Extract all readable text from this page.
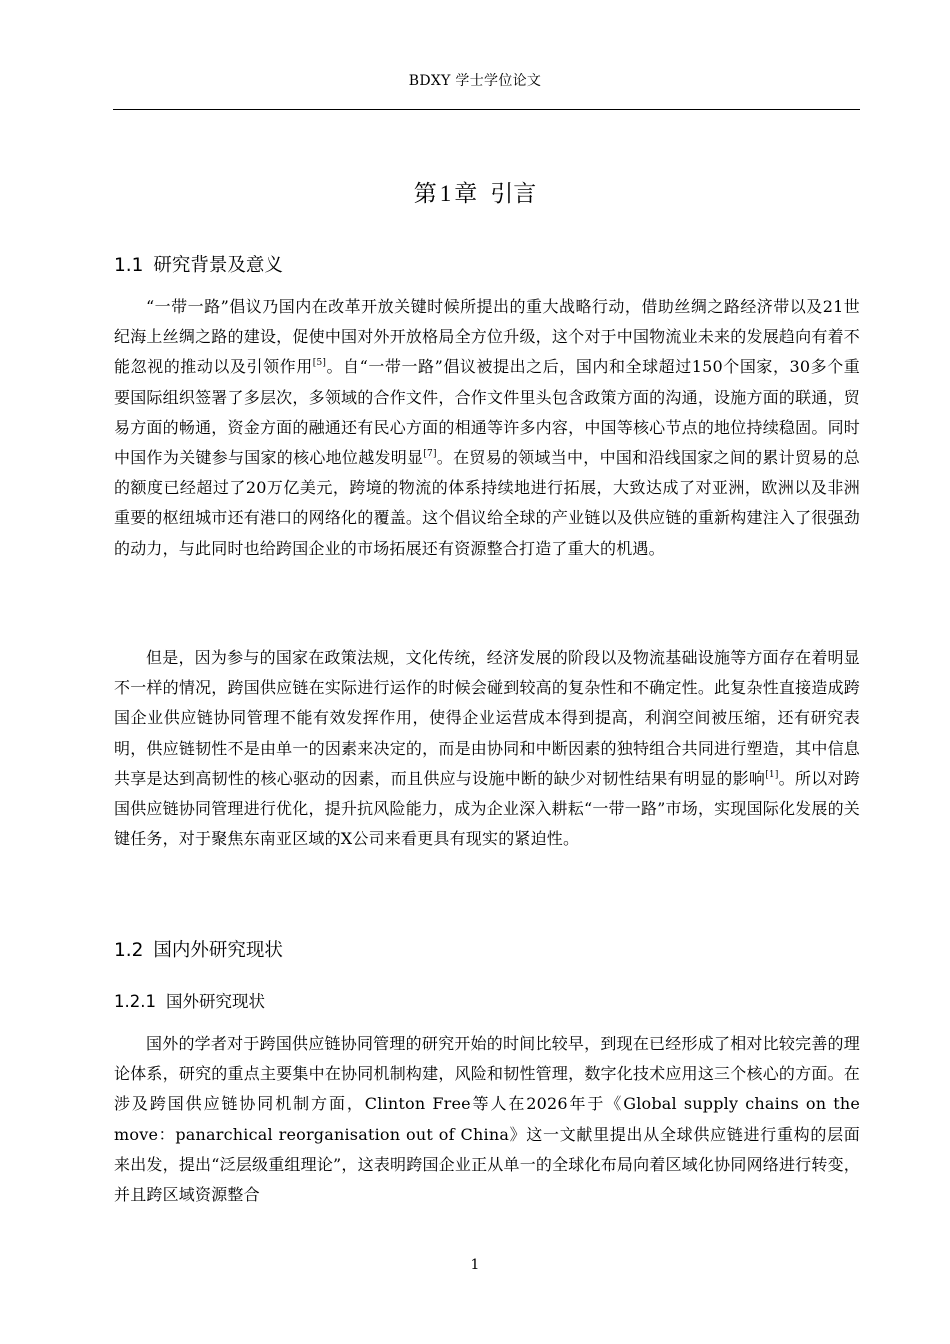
BDXY 学士学位论文
第 1 章 引言
1.1 研究背景及意义
“一带一路”倡议乃国内在改革开放关键时候所提出的重大战略行动，借助丝绸之路经济带以及21世纪海上丝绸之路的建设，促使中国对外开放格局全方位升级，这个对于中国物流业未来的发展趋向有着不能忽视的推动以及引领作用[5]。自“一带一路”倡议被提出之后，国内和全球超过150个国家，30多个重要国际组织签署了多层次，多领域的合作文件，合作文件里头包含政策方面的沟通，设施方面的联通，贸易方面的畅通，资金方面的融通还有民心方面的相通等许多内容，中国等核心节点的地位持续稳固。同时中国作为关键参与国家的核心地位越发明显[7]。在贸易的领域当中，中国和沿线国家之间的累计贸易的总的额度已经超过了20万亿美元，跨境的物流的体系持续地进行拓展，大致达成了对亚洲，欧洲以及非洲重要的枢纽城市还有港口的网络化的覆盖。这个倡议给全球的产业链以及供应链的重新构建注入了很强劲的动力，与此同时也给跨国企业的市场拓展还有资源整合打造了重大的机遇。
但是，因为参与的国家在政策法规，文化传统，经济发展的阶段以及物流基础设施等方面存在着明显不一样的情况，跨国供应链在实际进行运作的时候会碰到较高的复杂性和不确定性。此复杂性直接造成跨国企业供应链协同管理不能有效发挥作用，使得企业运营成本得到提高，利润空间被压缩，还有研究表明，供应链韧性不是由单一的因素来决定的，而是由协同和中断因素的独特组合共同进行塑造，其中信息共享是达到高韧性的核心驱动的因素，而且供应与设施中断的缺少对韧性结果有明显的影响[1]。所以对跨国供应链协同管理进行优化，提升抗风险能力，成为企业深入耕耘“一带一路”市场，实现国际化发展的关键任务，对于聚焦东南亚区域的X公司来看更具有现实的紧迫性。
1.2 国内外研究现状
1.2.1 国外研究现状
国外的学者对于跨国供应链协同管理的研究开始的时间比较早，到现在已经形成了相对比较完善的理论体系，研究的重点主要集中在协同机制构建，风险和韧性管理，数字化技术应用这三个核心的方面。在涉及跨国供应链协同机制方面，Clinton Free等人在2026年于《Global supply chains on the move：panarchical reorganisation out of China》这一文献里提出从全球供应链进行重构的层面来出发，提出“泛层级重组理论”，这表明跨国企业正从单一的全球化布局向着区域化协同网络进行转变，并且跨区域资源整合
1
